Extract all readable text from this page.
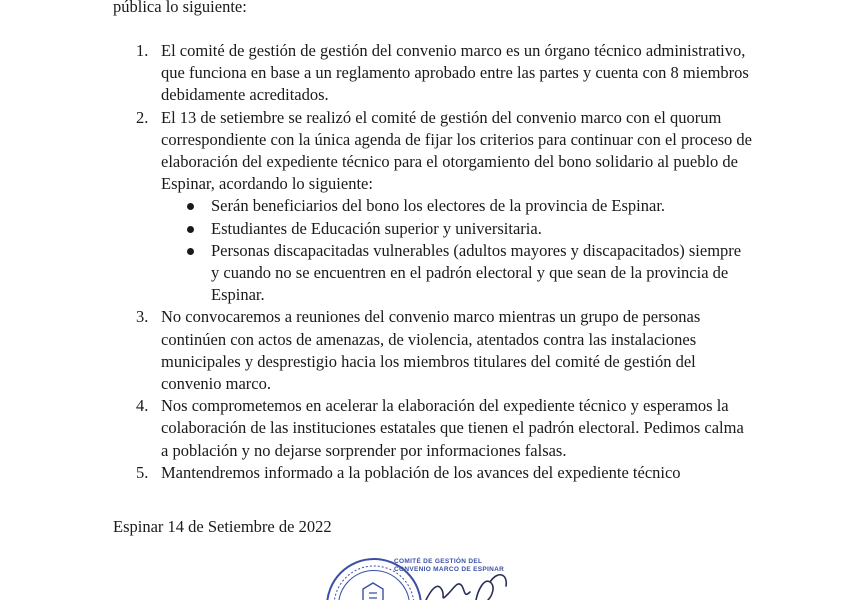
pública lo siguiente:

1. El comité de gestión de gestión del convenio marco es un órgano técnico administrativo, que funciona en base a un reglamento aprobado entre las partes y cuenta con 8 miembros debidamente acreditados.
2. El 13 de setiembre se realizó el comité de gestión del convenio marco con el quorum correspondiente con la única agenda de fijar los criterios para continuar con el proceso de elaboración del expediente técnico para el otorgamiento del bono solidario al pueblo de Espinar, acordando lo siguiente:
Serán beneficiarios del bono los electores de la provincia de Espinar.
Estudiantes de Educación superior y universitaria.
Personas discapacitadas vulnerables (adultos mayores y discapacitados) siempre y cuando no se encuentren en el padrón electoral y que sean de la provincia de Espinar.
3. No convocaremos a reuniones del convenio marco mientras un grupo de personas continúen con actos de amenazas, de violencia, atentados contra las instalaciones municipales y desprestigio hacia los miembros titulares del comité de gestión del convenio marco.
4. Nos comprometemos en acelerar la elaboración del expediente técnico y esperamos la colaboración de las instituciones estatales que tienen el padrón electoral. Pedimos calma a población y no dejarse sorprender por informaciones falsas.
5. Mantendremos informado a la población de los avances del expediente técnico

Espinar 14 de Setiembre de 2022

COMITÉ DE GESTIÓN DEL
CONVENIO MARCO DE ESPINAR
